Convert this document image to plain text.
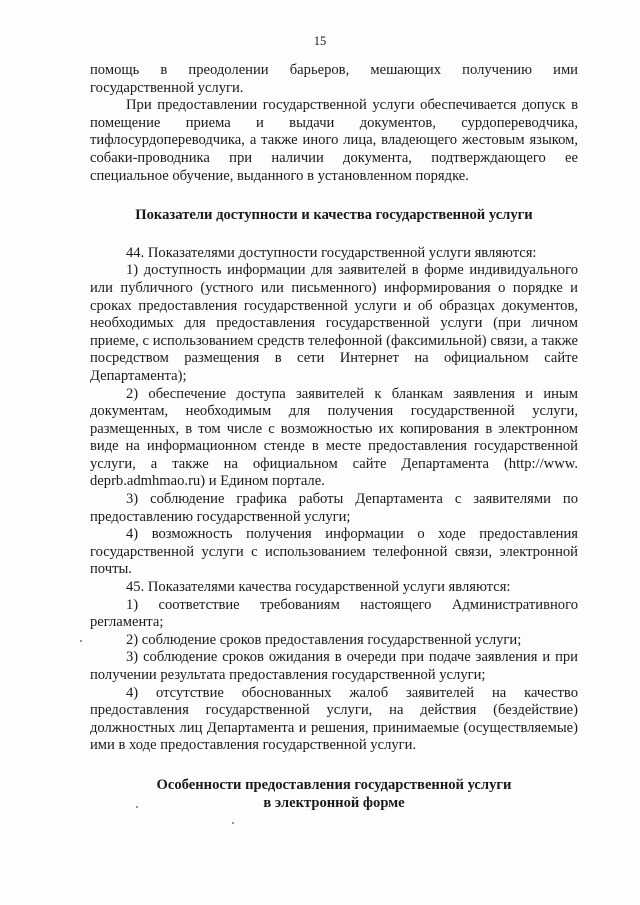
15

помощь в преодолении барьеров, мешающих получению ими государственной услуги.

При предоставлении государственной услуги обеспечивается допуск в помещение приема и выдачи документов, сурдопереводчика, тифлосурдопереводчика, а также иного лица, владеющего жестовым языком, собаки-проводника при наличии документа, подтверждающего ее специальное обучение, выданного в установленном порядке.

Показатели доступности и качества государственной услуги

44. Показателями доступности государственной услуги являются:

1) доступность информации для заявителей в форме индивидуального или публичного (устного или письменного) информирования о порядке и сроках предоставления государственной услуги и об образцах документов, необходимых для предоставления государственной услуги (при личном приеме, с использованием средств телефонной (факсимильной) связи, а также посредством размещения в сети Интернет на официальном сайте Департамента);

2) обеспечение доступа заявителей к бланкам заявления и иным документам, необходимым для получения государственной услуги, размещенных, в том числе с возможностью их копирования в электронном виде на информационном стенде в месте предоставления государственной услуги, а также на официальном сайте Департамента (http://www. deprb.admhmao.ru) и Едином портале.

3) соблюдение графика работы Департамента с заявителями по предоставлению государственной услуги;

4) возможность получения информации о ходе предоставления государственной услуги с использованием телефонной связи, электронной почты.

45. Показателями качества государственной услуги являются:

1) соответствие требованиям настоящего Административного регламента;

2) соблюдение сроков предоставления государственной услуги;

3) соблюдение сроков ожидания в очереди при подаче заявления и при получении результата предоставления государственной услуги;

4) отсутствие обоснованных жалоб заявителей на качество предоставления государственной услуги, на действия (бездействие) должностных лиц Департамента и решения, принимаемые (осуществляемые) ими в ходе предоставления государственной услуги.

Особенности предоставления государственной услуги
в электронной форме
